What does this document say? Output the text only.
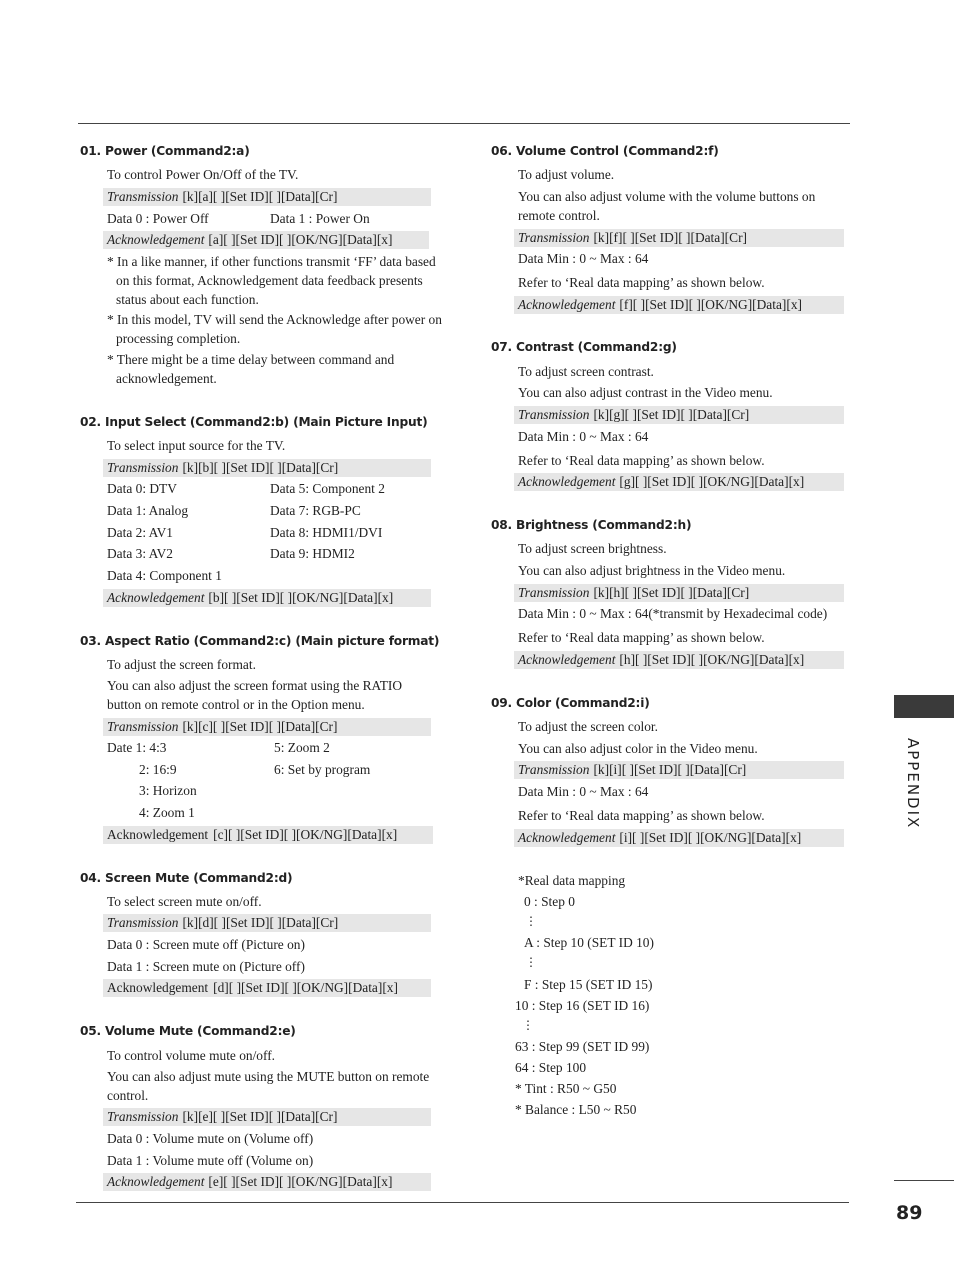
01. Power (Command2:a)
To control Power On/Off of the TV.
Transmission [k][a][ ][Set ID][ ][Data][Cr]
Data 0 : Power Off	Data 1 : Power On
Acknowledgement [a][ ][Set ID][ ][OK/NG][Data][x]
* In a like manner, if other functions transmit ‘FF’ data based on this format, Acknowledgement data feedback presents status about each function.
* In this model, TV will send the Acknowledge after power on processing completion.
* There might be a time delay between command and acknowledgement.
02. Input Select (Command2:b) (Main Picture Input)
To select input source for the TV.
Transmission [k][b][ ][Set ID][ ][Data][Cr]
Data 0: DTV
Data 1: Analog
Data 2: AV1
Data 3: AV2
Data 4: Component 1
Data 5: Component 2
Data 7: RGB-PC
Data 8: HDMI1/DVI
Data 9: HDMI2
Acknowledgement [b][ ][Set ID][ ][OK/NG][Data][x]
03. Aspect Ratio (Command2:c) (Main picture format)
To adjust the screen format.
You can also adjust the screen format using the RATIO button on remote control or in the Option menu.
Transmission [k][c][ ][Set ID][ ][Data][Cr]
Date 1: 4:3
2: 16:9
3: Horizon
4: Zoom 1
5: Zoom 2
6: Set by program
Acknowledgement [c][ ][Set ID][ ][OK/NG][Data][x]
04. Screen Mute (Command2:d)
To select screen mute on/off.
Transmission [k][d][ ][Set ID][ ][Data][Cr]
Data 0 : Screen mute off (Picture on)
Data 1 : Screen mute on (Picture off)
Acknowledgement [d][ ][Set ID][ ][OK/NG][Data][x]
05. Volume Mute (Command2:e)
To control volume mute on/off.
You can also adjust mute using the MUTE button on remote control.
Transmission [k][e][ ][Set ID][ ][Data][Cr]
Data 0 : Volume mute on (Volume off)
Data 1 : Volume mute off (Volume on)
Acknowledgement [e][ ][Set ID][ ][OK/NG][Data][x]
06. Volume Control (Command2:f)
To adjust volume.
You can also adjust volume with the volume buttons on remote control.
Transmission [k][f][ ][Set ID][ ][Data][Cr]
Data Min : 0 ~ Max : 64
Refer to ‘Real data mapping’ as shown below.
Acknowledgement [f][ ][Set ID][ ][OK/NG][Data][x]
07. Contrast (Command2:g)
To adjust screen contrast.
You can also adjust contrast in the Video menu.
Transmission [k][g][ ][Set ID][ ][Data][Cr]
Data Min : 0 ~ Max : 64
Refer to ‘Real data mapping’ as shown below.
Acknowledgement [g][ ][Set ID][ ][OK/NG][Data][x]
08. Brightness (Command2:h)
To adjust screen brightness.
You can also adjust brightness in the Video menu.
Transmission [k][h][ ][Set ID][ ][Data][Cr]
Data Min : 0 ~ Max : 64(*transmit by Hexadecimal code)
Refer to ‘Real data mapping’ as shown below.
Acknowledgement [h][ ][Set ID][ ][OK/NG][Data][x]
09. Color (Command2:i)
To adjust the screen color.
You can also adjust color in the Video menu.
Transmission [k][i][ ][Set ID][ ][Data][Cr]
Data Min : 0 ~ Max : 64
Refer to ‘Real data mapping’ as shown below.
Acknowledgement [i][ ][Set ID][ ][OK/NG][Data][x]
*Real data mapping
0 : Step 0
⋮
A : Step 10 (SET ID 10)
⋮
F : Step 15 (SET ID 15)
10 : Step 16 (SET ID 16)
⋮
63 : Step 99 (SET ID 99)
64 : Step 100
* Tint : R50 ~ G50
* Balance : L50 ~ R50
APPENDIX
89
